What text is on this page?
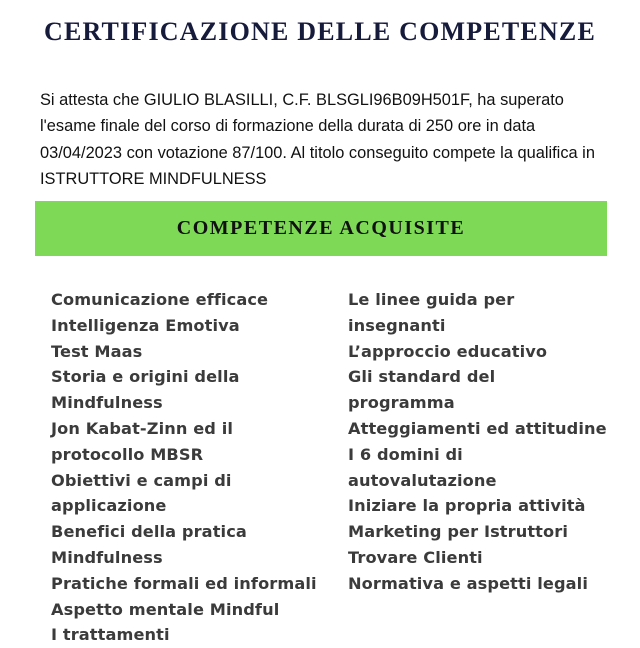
CERTIFICAZIONE DELLE COMPETENZE
Si attesta che GIULIO BLASILLI, C.F. BLSGLI96B09H501F, ha superato l'esame finale del corso di formazione della durata di 250 ore in data 03/04/2023 con votazione 87/100. Al titolo conseguito compete la qualifica in ISTRUTTORE MINDFULNESS
COMPETENZE ACQUISITE
Comunicazione efficace
Intelligenza Emotiva
Test Maas
Storia e origini della
Mindfulness
Jon Kabat-Zinn ed il
protocollo MBSR
Obiettivi e campi di
applicazione
Benefici della pratica
Mindfulness
Pratiche formali ed informali
Aspetto mentale Mindful
I trattamenti
Le linee guida per
insegnanti
L’approccio educativo
Gli standard del
programma
Atteggiamenti ed attitudine
I 6 domini di
autovalutazione
Iniziare la propria attività
Marketing per Istruttori
Trovare Clienti
Normativa e aspetti legali
